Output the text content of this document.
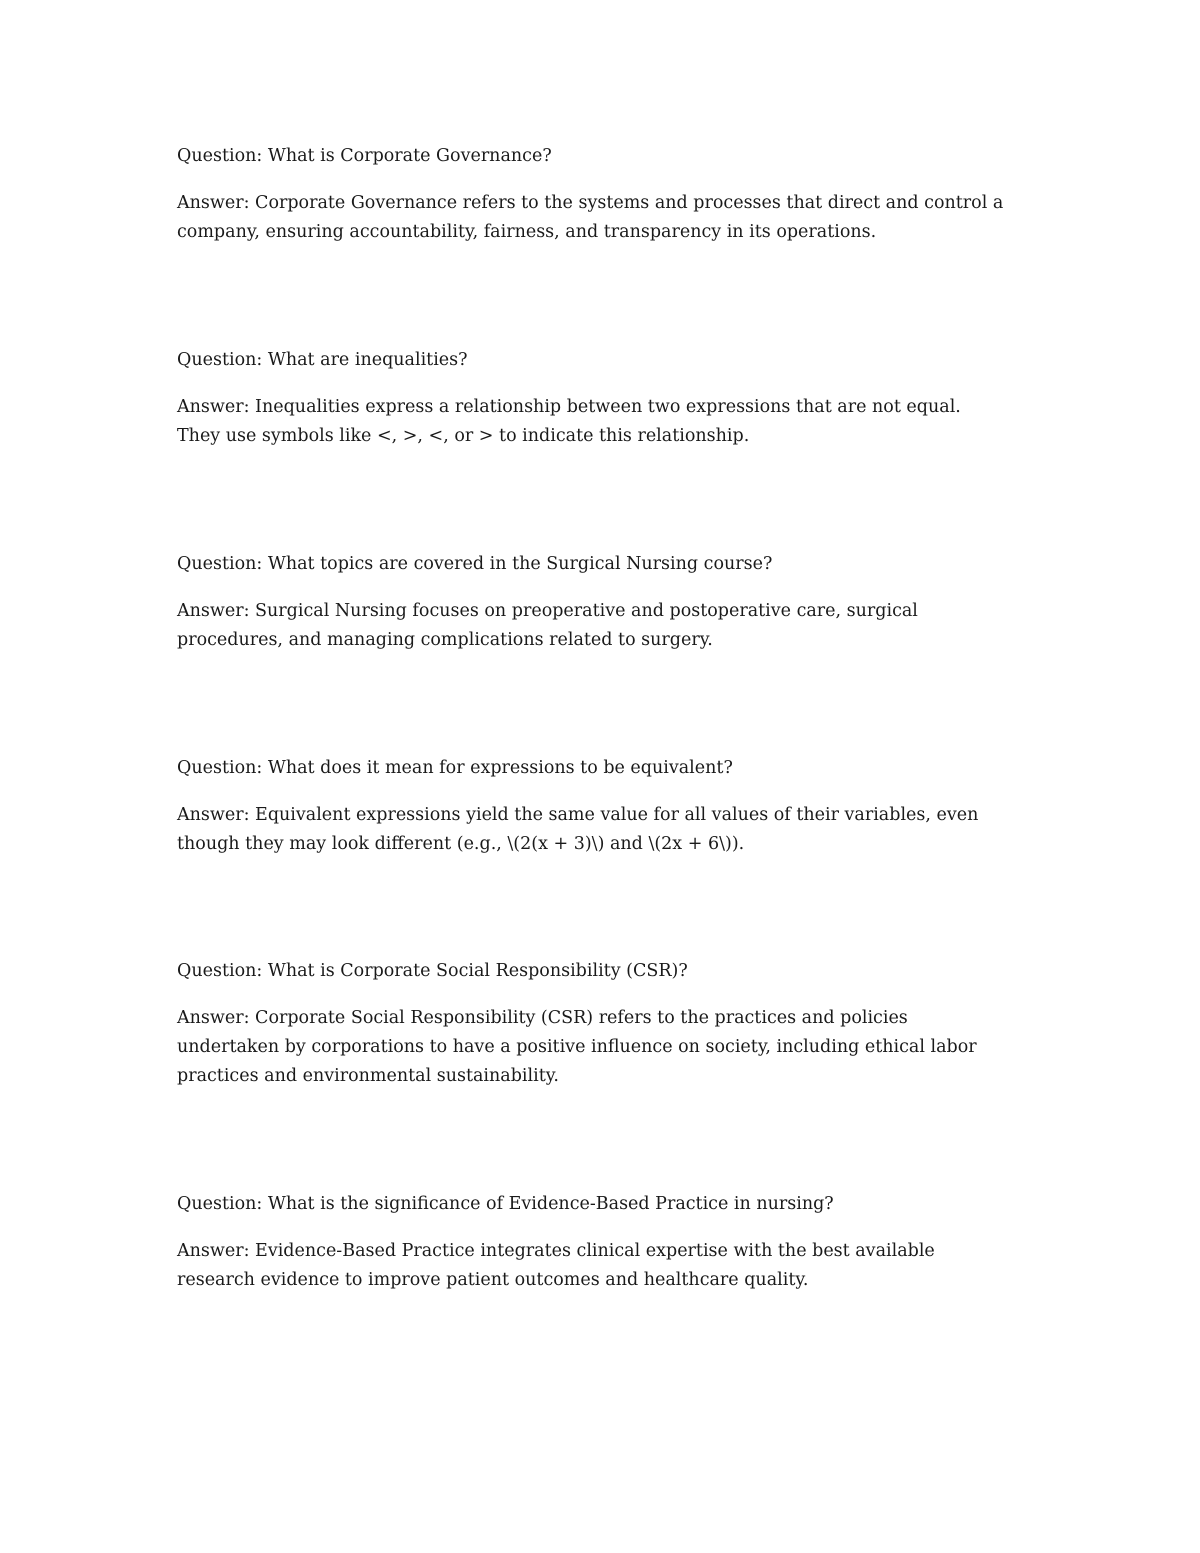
Question: What is Corporate Governance?

Answer: Corporate Governance refers to the systems and processes that direct and control a company, ensuring accountability, fairness, and transparency in its operations.

Question: What are inequalities?

Answer: Inequalities express a relationship between two expressions that are not equal. They use symbols like <, >, <, or > to indicate this relationship.

Question: What topics are covered in the Surgical Nursing course?

Answer: Surgical Nursing focuses on preoperative and postoperative care, surgical procedures, and managing complications related to surgery.

Question: What does it mean for expressions to be equivalent?

Answer: Equivalent expressions yield the same value for all values of their variables, even though they may look different (e.g., \(2(x + 3)\) and \(2x + 6\)).

Question: What is Corporate Social Responsibility (CSR)?

Answer: Corporate Social Responsibility (CSR) refers to the practices and policies undertaken by corporations to have a positive influence on society, including ethical labor practices and environmental sustainability.

Question: What is the significance of Evidence-Based Practice in nursing?

Answer: Evidence-Based Practice integrates clinical expertise with the best available research evidence to improve patient outcomes and healthcare quality.
